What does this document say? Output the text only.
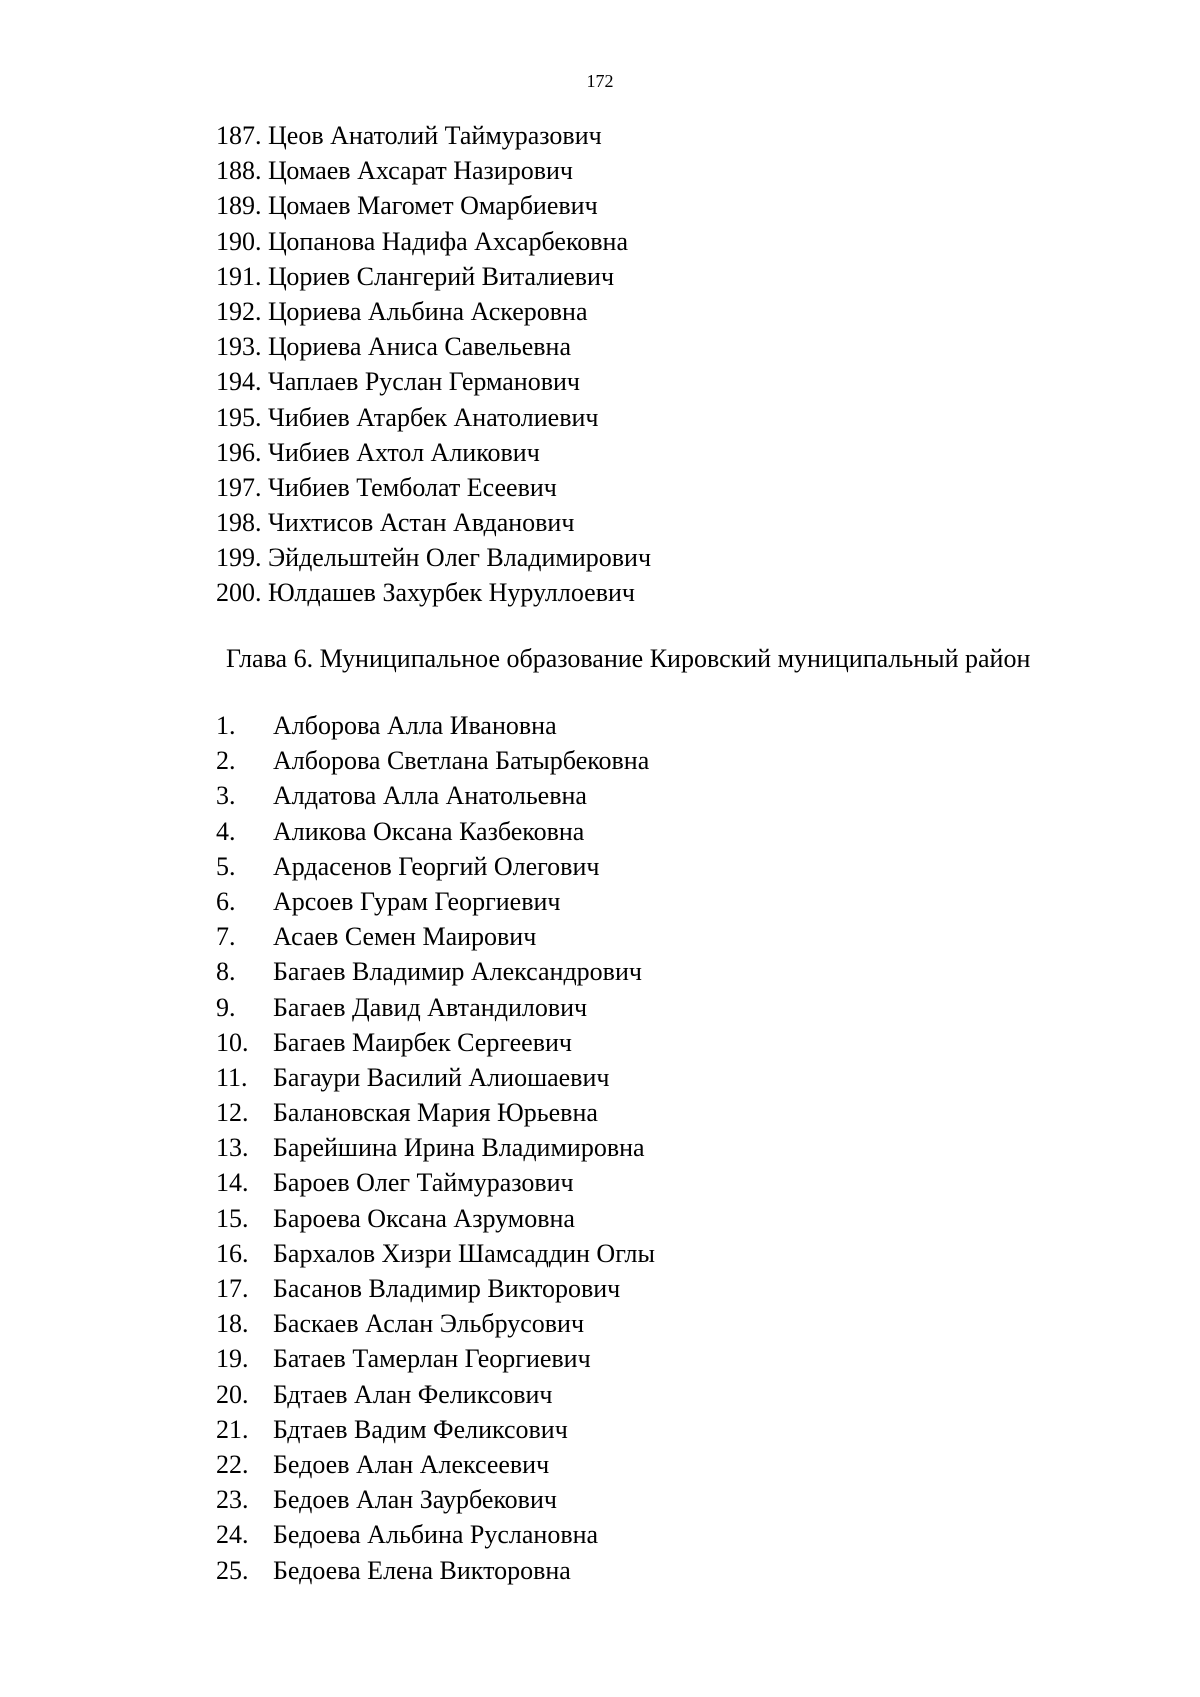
172
187. Цеов Анатолий Таймуразович
188. Цомаев Ахсарат Назирович
189. Цомаев Магомет Омарбиевич
190. Цопанова Надифа Ахсарбековна
191. Цориев Слангерий Виталиевич
192. Цориева Альбина Аскеровна
193. Цориева Аниса Савельевна
194. Чаплаев Руслан Германович
195. Чибиев Атарбек Анатолиевич
196. Чибиев Ахтол Аликович
197. Чибиев Темболат Есеевич
198. Чихтисов Астан Авданович
199. Эйдельштейн Олег Владимирович
200. Юлдашев Захурбек Нуруллоевич
Глава 6. Муниципальное образование Кировский муниципальный район
1.	Алборова Алла Ивановна
2.	Алборова Светлана Батырбековна
3.	Алдатова Алла Анатольевна
4.	Аликова Оксана Казбековна
5.	Ардасенов Георгий Олегович
6.	Арсоев Гурам Георгиевич
7.	Асаев Семен Маирович
8.	Багаев Владимир Александрович
9.	Багаев Давид Автандилович
10. Багаев Маирбек Сергеевич
11. Багаури Василий Алиошаевич
12. Балановская Мария Юрьевна
13. Барейшина Ирина Владимировна
14. Бароев Олег Таймуразович
15. Бароева Оксана Азрумовна
16. Бархалов Хизри Шамсаддин Оглы
17. Басанов Владимир Викторович
18. Баскаев Аслан Эльбрусович
19. Батаев Тамерлан Георгиевич
20. Бдтаев Алан Феликсович
21. Бдтаев Вадим Феликсович
22. Бедоев Алан Алексеевич
23. Бедоев Алан Заурбекович
24. Бедоева Альбина Руслановна
25. Бедоева Елена Викторовна
